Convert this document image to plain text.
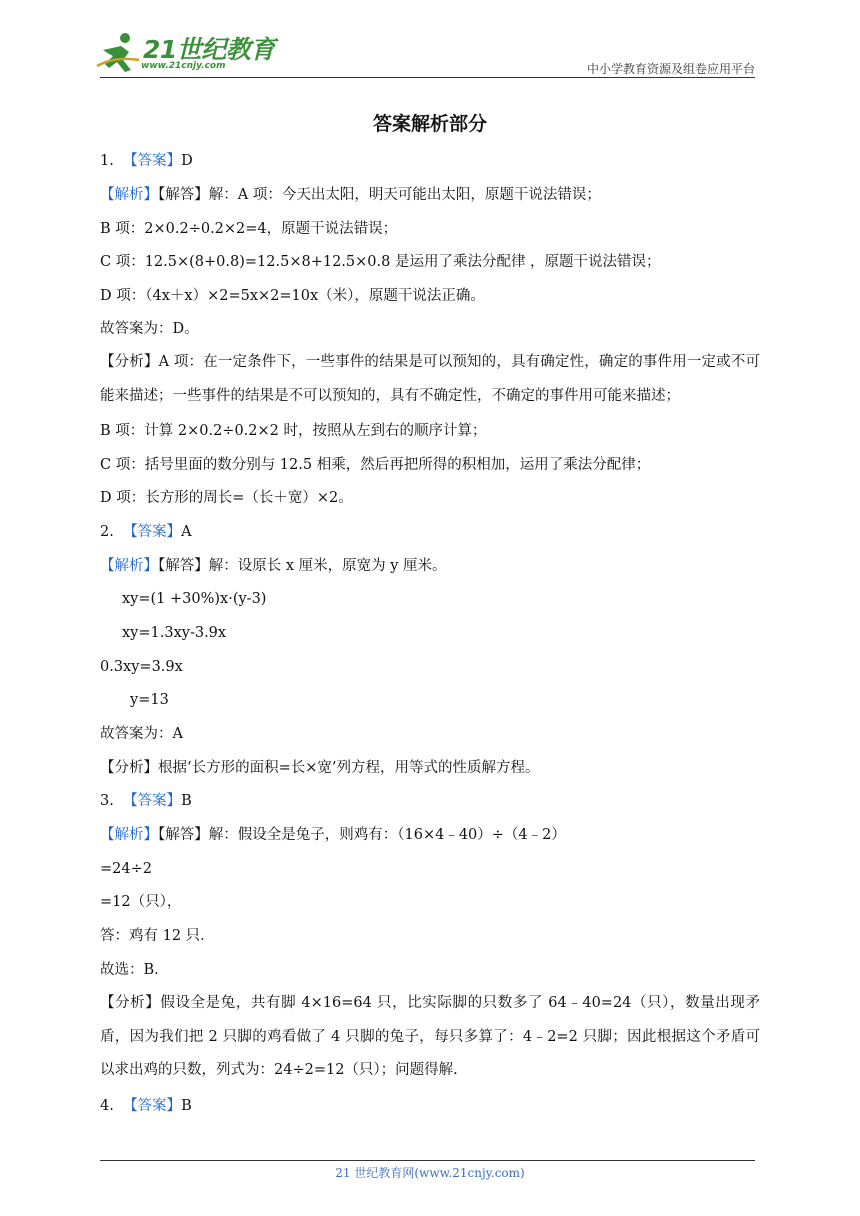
21世纪教育
www.21cnjy.com	中小学教育资源及组卷应用平台
答案解析部分
1. 【答案】D
【解析】【解答】解：A 项：今天出太阳，明天可能出太阳，原题干说法错误；
B 项：2×0.2÷0.2×2=4，原题干说法错误；
C 项：12.5×(8+0.8)=12.5×8+12.5×0.8 是运用了乘法分配律 ，原题干说法错误；
D 项：（4x＋x）×2=5x×2=10x（米），原题干说法正确。
故答案为：D。
【分析】A 项：在一定条件下，一些事件的结果是可以预知的，具有确定性，确定的事件用一定或不可能来描述；一些事件的结果是不可以预知的，具有不确定性，不确定的事件用可能来描述；
B 项：计算 2×0.2÷0.2×2 时，按照从左到右的顺序计算；
C 项：括号里面的数分别与 12.5 相乘，然后再把所得的积相加，运用了乘法分配律；
D 项：长方形的周长=（长＋宽）×2。
2. 【答案】A
【解析】【解答】解：设原长 x 厘米，原宽为 y 厘米。
xy=(1 +30%)x·(y-3)
xy=1.3xy-3.9x
0.3xy=3.9x
y=13
故答案为：A
【分析】根据‘长方形的面积=长×宽’列方程，用等式的性质解方程。
3. 【答案】B
【解析】【解答】解：假设全是兔子，则鸡有：（16×4﹣40）÷（4﹣2）
=24÷2
=12（只），
答：鸡有 12 只．
故选：B．
【分析】假设全是兔，共有脚 4×16=64 只，比实际脚的只数多了 64﹣40=24（只），数量出现矛盾，因为我们把 2 只脚的鸡看做了 4 只脚的兔子，每只多算了：4﹣2=2 只脚；因此根据这个矛盾可以求出鸡的只数，列式为：24÷2=12（只）；问题得解.
4. 【答案】B
21 世纪教育网(www.21cnjy.com)
